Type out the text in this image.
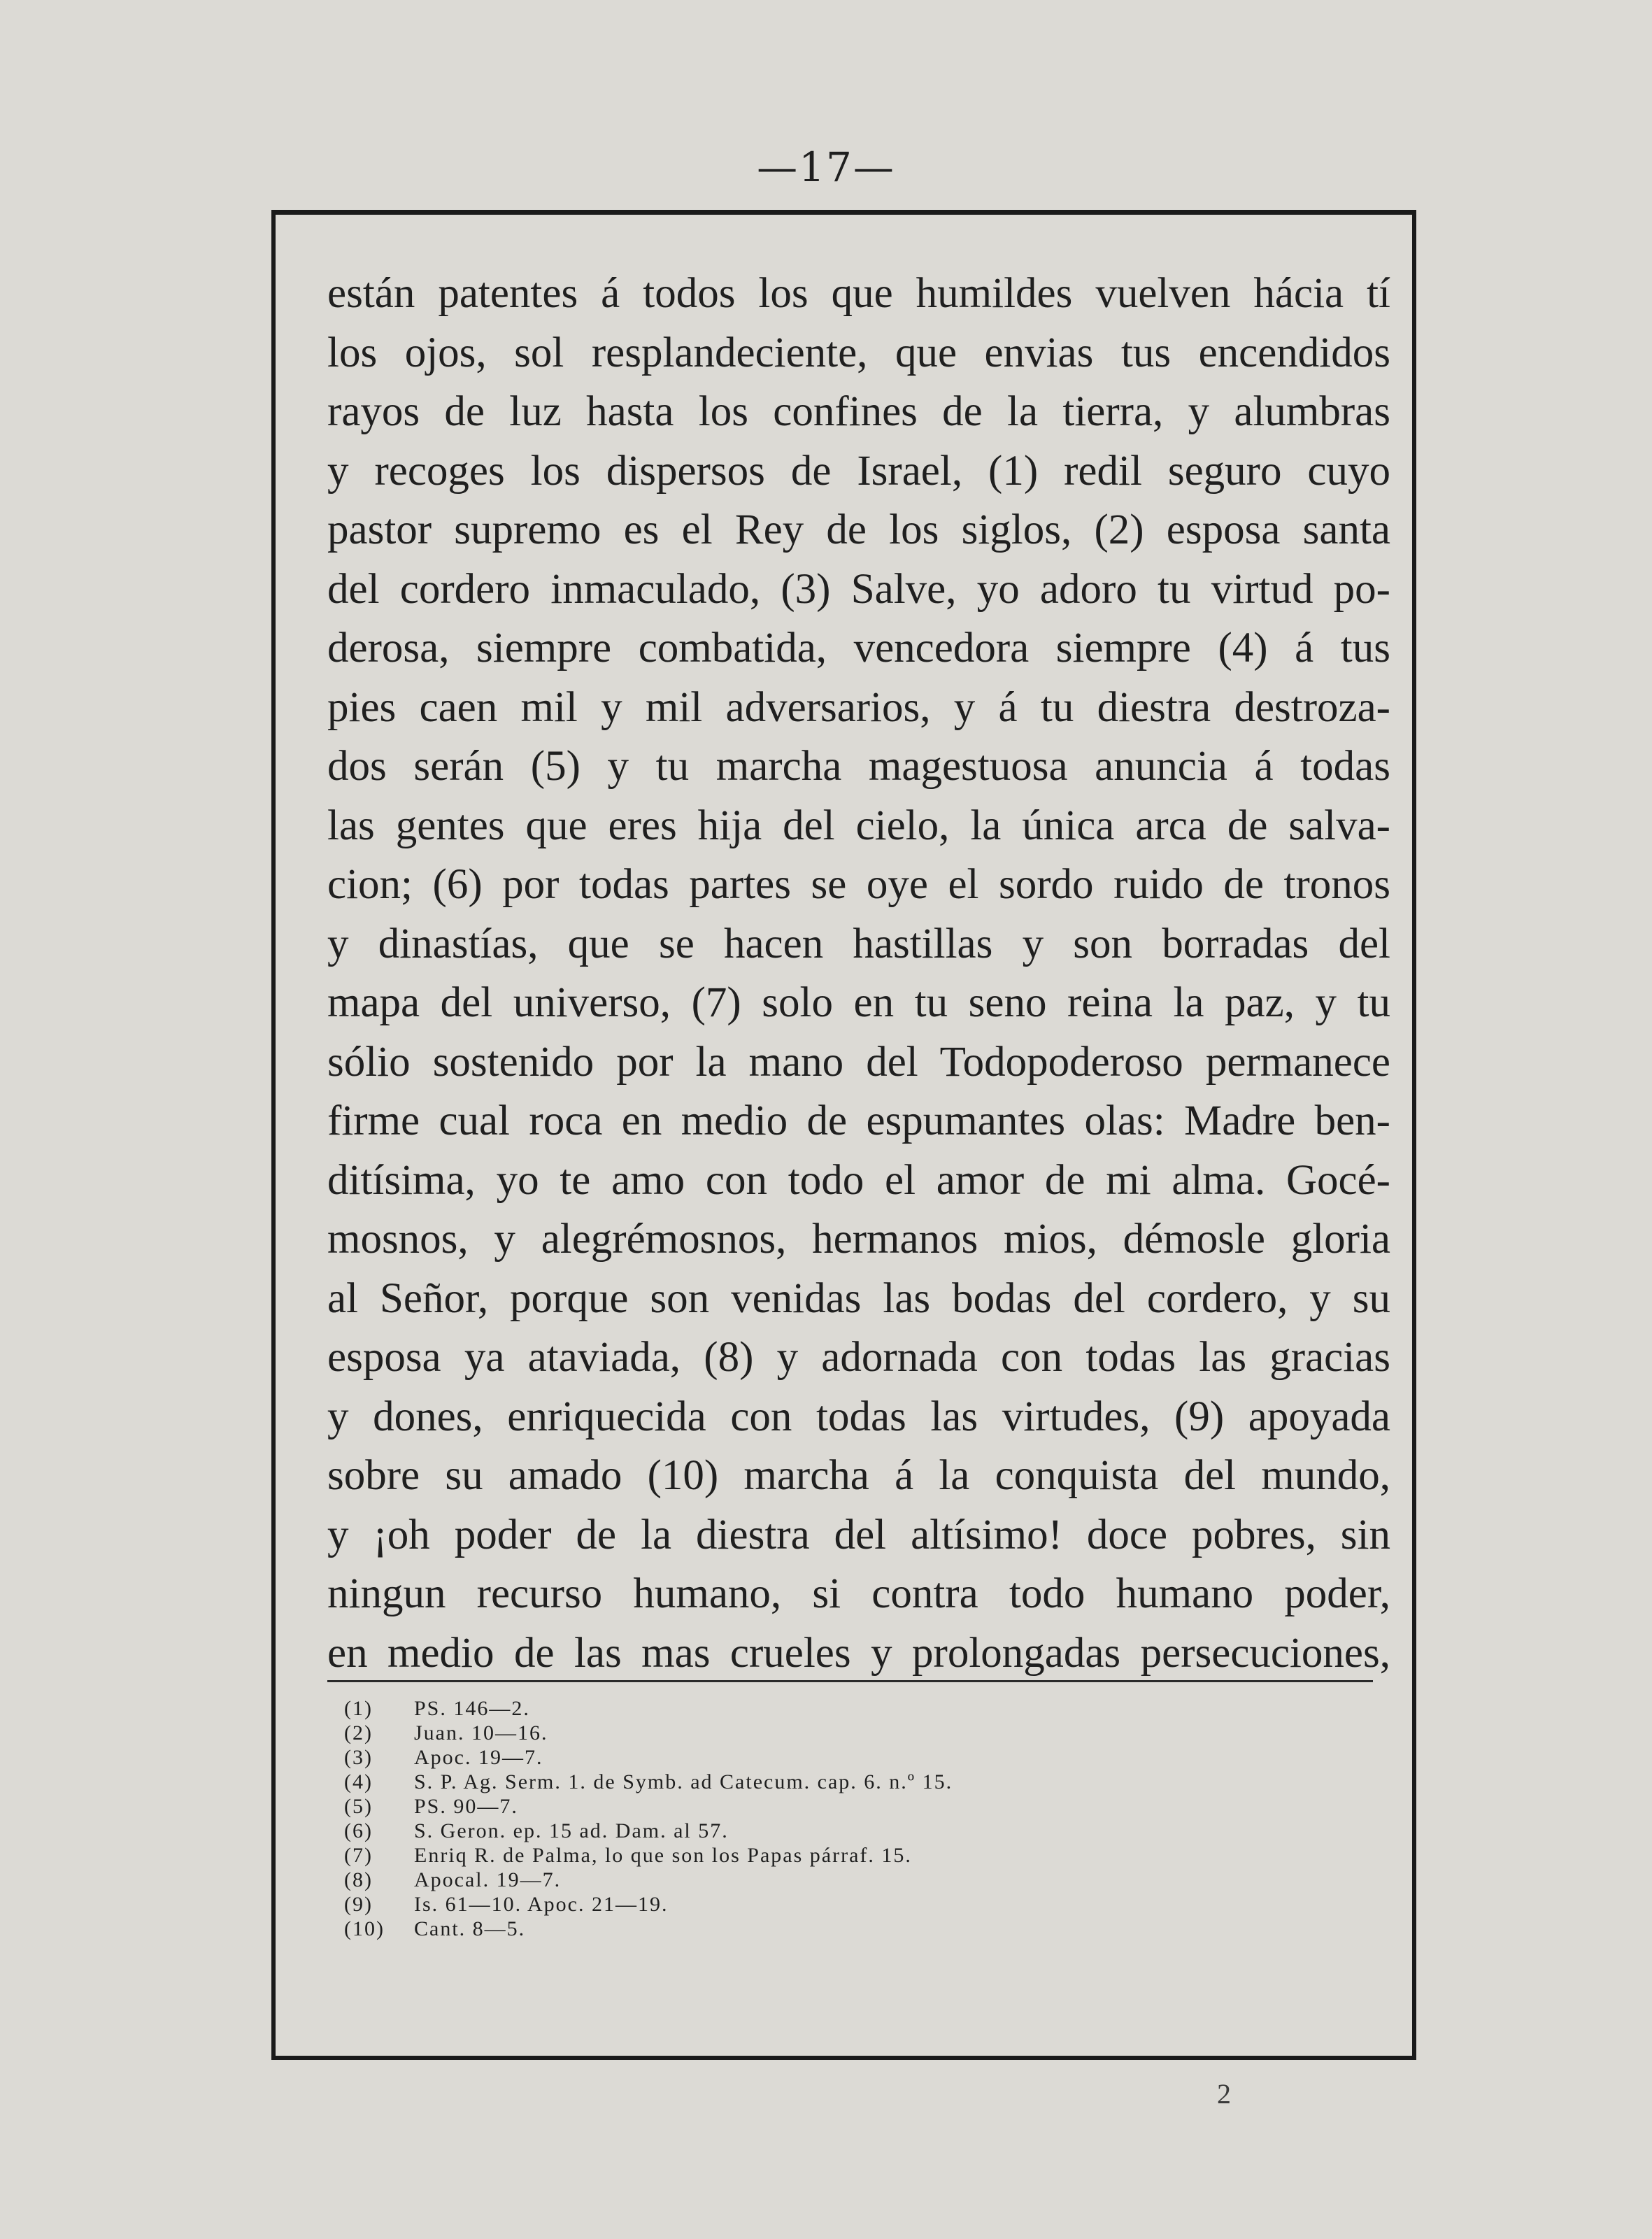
—17—
están patentes á todos los que humildes vuelven hácia tí
los ojos, sol resplandeciente, que envias tus encendidos
rayos de luz hasta los confines de la tierra, y alumbras
y recoges los dispersos de Israel, (1) redil seguro cuyo
pastor supremo es el Rey de los siglos, (2) esposa santa
del cordero inmaculado, (3) Salve, yo adoro tu virtud po-
derosa, siempre combatida, vencedora siempre (4) á tus
pies caen mil y mil adversarios, y á tu diestra destroza-
dos serán (5) y tu marcha magestuosa anuncia á todas
las gentes que eres hija del cielo, la única arca de salva-
cion; (6) por todas partes se oye el sordo ruido de tronos
y dinastías, que se hacen hastillas y son borradas del
mapa del universo, (7) solo en tu seno reina la paz, y tu
sólio sostenido por la mano del Todopoderoso permanece
firme cual roca en medio de espumantes olas: Madre ben-
ditísima, yo te amo con todo el amor de mi alma. Gocé-
mosnos, y alegrémosnos, hermanos mios, démosle gloria
al Señor, porque son venidas las bodas del cordero, y su
esposa ya ataviada, (8) y adornada con todas las gracias
y dones, enriquecida con todas las virtudes, (9) apoyada
sobre su amado (10) marcha á la conquista del mundo,
y ¡oh poder de la diestra del altísimo! doce pobres, sin
ningun recurso humano, si contra todo humano poder,
en medio de las mas crueles y prolongadas persecuciones,
(1)	PS. 146—2.
(2)	Juan. 10—16.
(3)	Apoc. 19—7.
(4)	S. P. Ag. Serm. 1. de Symb. ad Catecum. cap. 6. n.º 15.
(5)	PS. 90—7.
(6)	S. Geron. ep. 15 ad. Dam. al 57.
(7)	Enriq R. de Palma, lo que son los Papas párraf. 15.
(8)	Apocal. 19—7.
(9)	Is. 61—10. Apoc. 21—19.
(10)	Cant. 8—5.
2
